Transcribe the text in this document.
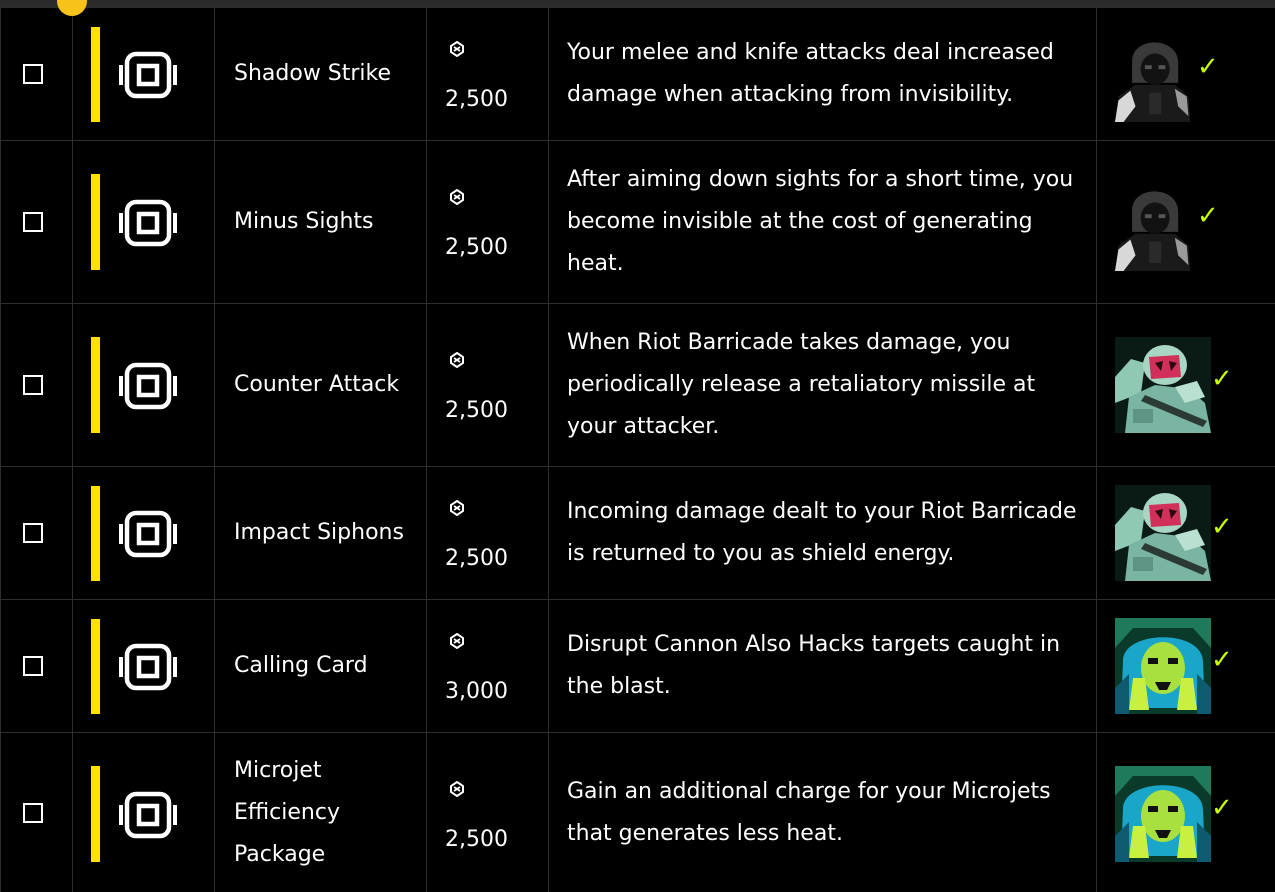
Shadow Strike	2,500	Your melee and knife attacks deal increased damage when attacking from invisibility.	✓

Minus Sights	2,500	After aiming down sights for a short time, you become invisible at the cost of generating heat.	✓

Counter Attack	2,500	When Riot Barricade takes damage, you periodically release a retaliatory missile at your attacker.	✓

Impact Siphons	2,500	Incoming damage dealt to your Riot Barricade is returned to you as shield energy.	✓

Calling Card	3,000	Disrupt Cannon Also Hacks targets caught in the blast.	✓

Microjet Efficiency Package	2,500	Gain an additional charge for your Microjets that generates less heat.	✓
